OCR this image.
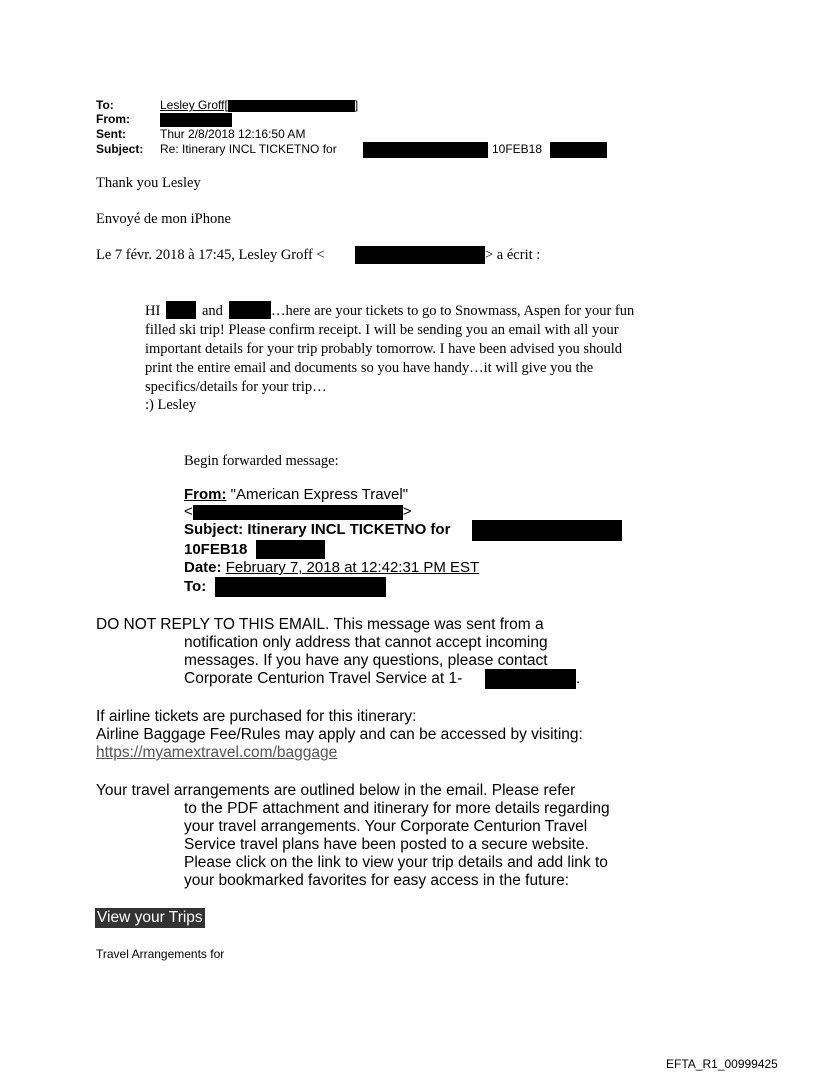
To:	Lesley Groff[	]
From:
Sent:	Thur 2/8/2018 12:16:50 AM
Subject: Re: Itinerary INCL TICKETNO for	10FEB18
Thank you Lesley
Envoyé de mon iPhone
Le 7 févr. 2018 à 17:45, Lesley Groff <	> a écrit :
HI	and	…here are your tickets to go to Snowmass, Aspen for your fun
filled ski trip! Please confirm receipt. I will be sending you an email with all your
important details for your trip probably tomorrow. I have been advised you should
print the entire email and documents so you have handy…it will give you the
specifics/details for your trip…
:) Lesley
Begin forwarded message:
From: "American Express Travel"
<	>
Subject: Itinerary INCL TICKETNO for
10FEB18
Date: February 7, 2018 at 12:42:31 PM EST
To:
DO NOT REPLY TO THIS EMAIL. This message was sent from a
notification only address that cannot accept incoming
messages. If you have any questions, please contact
Corporate Centurion Travel Service at 1-	.
If airline tickets are purchased for this itinerary:
Airline Baggage Fee/Rules may apply and can be accessed by visiting:
https://myamextravel.com/baggage
Your travel arrangements are outlined below in the email. Please refer
to the PDF attachment and itinerary for more details regarding
your travel arrangements. Your Corporate Centurion Travel
Service travel plans have been posted to a secure website.
Please click on the link to view your trip details and add link to
your bookmarked favorites for easy access in the future:
View your Trips
Travel Arrangements for
EFTA_R1_00999425
